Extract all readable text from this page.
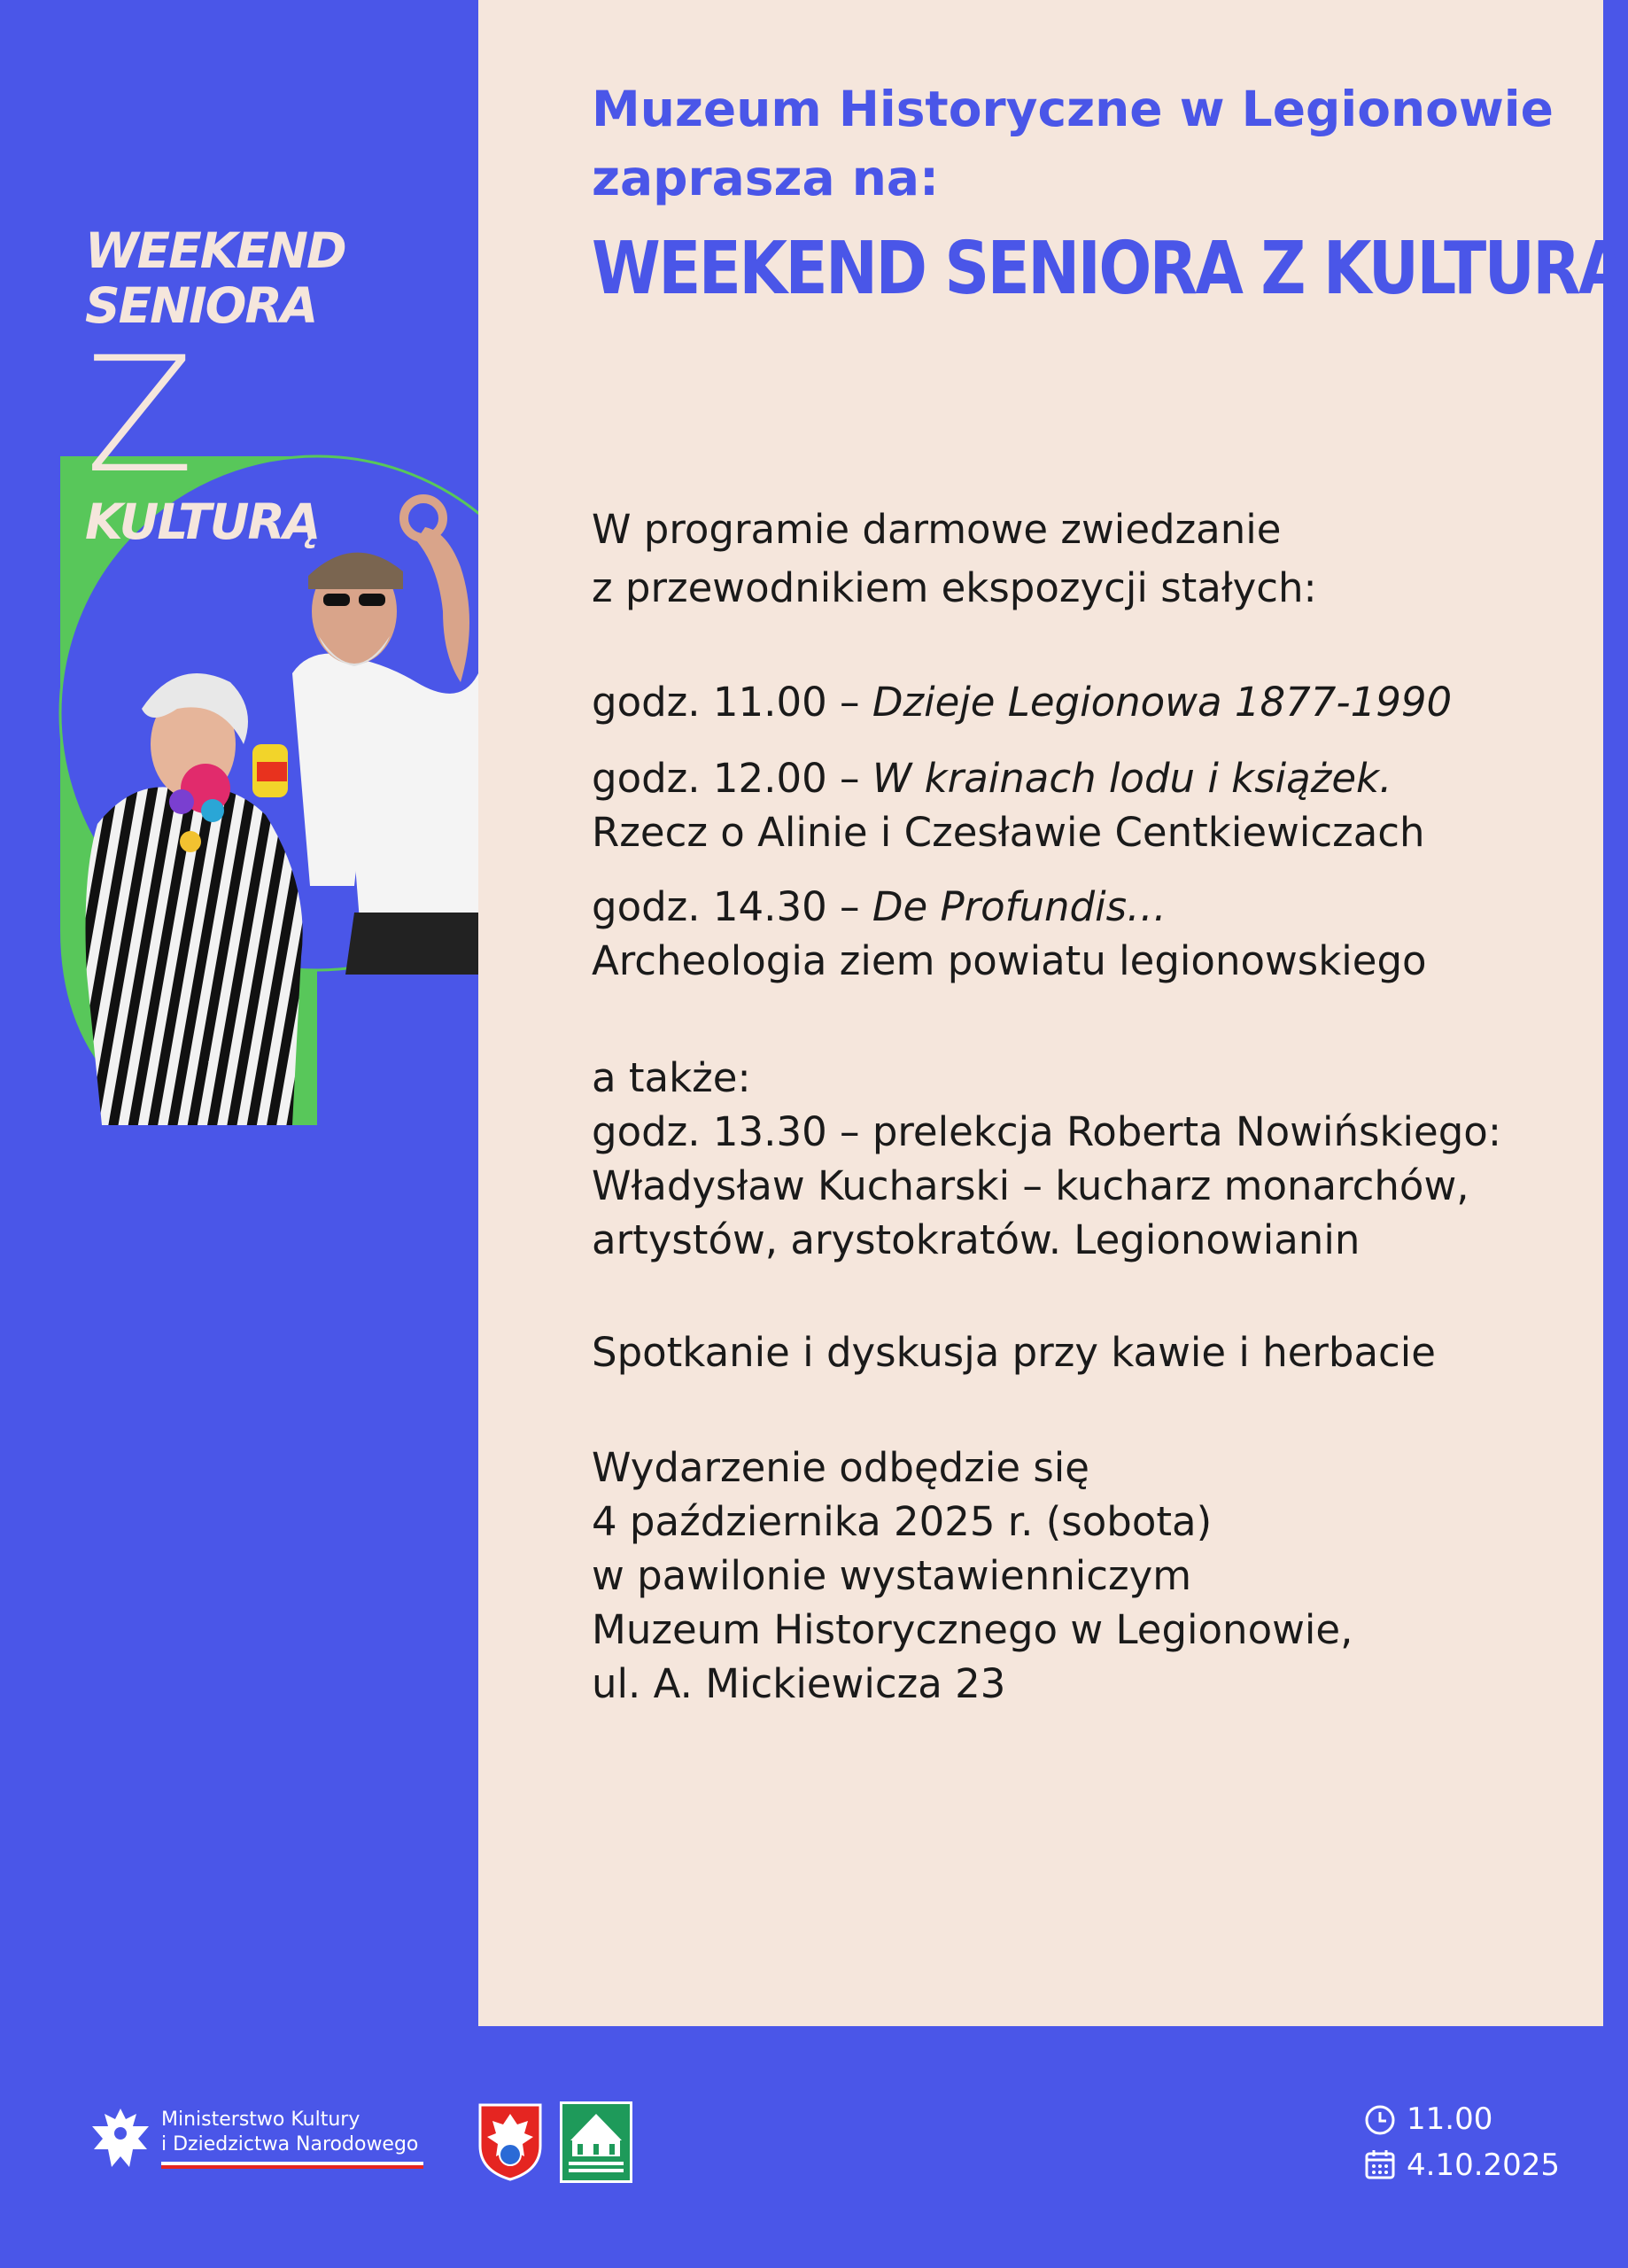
Muzeum Historyczne w Legionowie
zaprasza na:
WEEKEND SENIORA Z KULTURĄ
WEEKEND
SENIORA
Z
KULTURĄ	W programie darmowe zwiedzanie
z przewodnikiem ekspozycji stałych:
godz. 11.00 – Dzieje Legionowa 1877-1990
godz. 12.00 – W krainach lodu i książek.
Rzecz o Alinie i Czesławie Centkiewiczach
godz. 14.30 – De Profundis…
Archeologia ziem powiatu legionowskiego
a także:
godz. 13.30 – prelekcja Roberta Nowińskiego:
Władysław Kucharski – kucharz monarchów,
artystów, arystokratów. Legionowianin
Spotkanie i dyskusja przy kawie i herbacie
Wydarzenie odbędzie się
4 października 2025 r. (sobota)
w pawilonie wystawienniczym
Muzeum Historycznego w Legionowie,
ul. A. Mickiewicza 23
Ministerstwo Kultury
i Dziedzictwa Narodowego
11.00
4.10.2025
